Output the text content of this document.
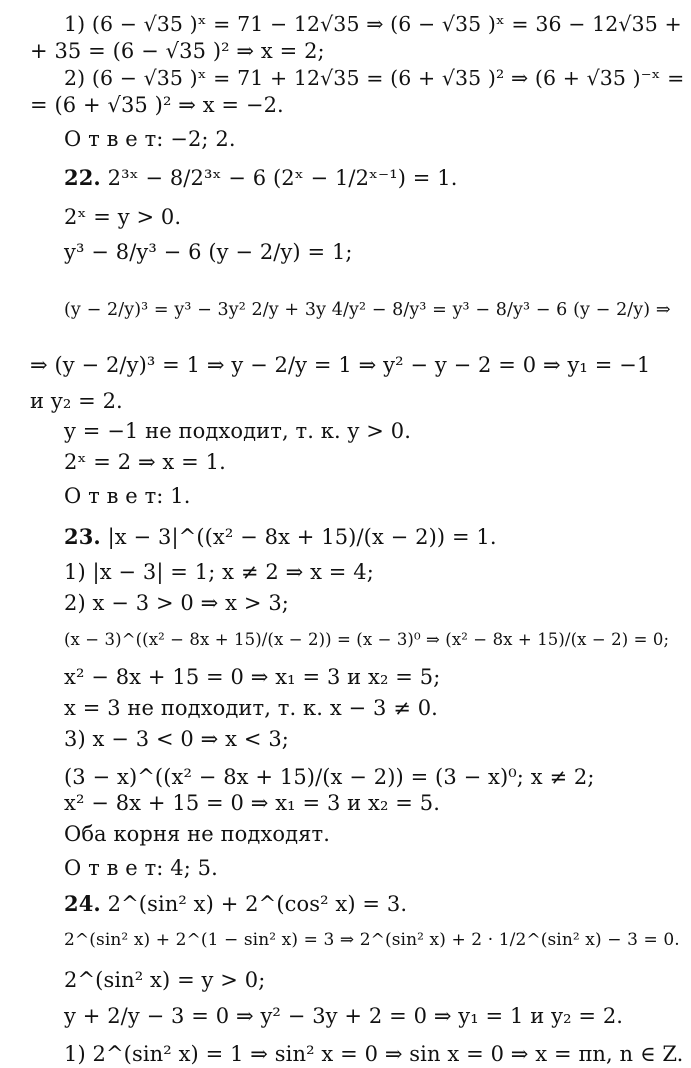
1) (6 − √35 )ˣ = 71 − 12√35 ⇒ (6 − √35 )ˣ = 36 − 12√35 +
+ 35 = (6 − √35 )² ⇒ x = 2;
2) (6 − √35 )ˣ = 71 + 12√35 = (6 + √35 )² ⇒ (6 + √35 )⁻ˣ =
= (6 + √35 )² ⇒ x = −2.
О т в е т: −2; 2.
22. 2³ˣ − 8/2³ˣ − 6 (2ˣ − 1/2ˣ⁻¹) = 1.
2ˣ = y > 0.
y³ − 8/y³ − 6 (y − 2/y) = 1;
(y − 2/y)³ = y³ − 3y² 2/y + 3y 4/y² − 8/y³ = y³ − 8/y³ − 6 (y − 2/y) ⇒
⇒ (y − 2/y)³ = 1 ⇒ y − 2/y = 1 ⇒ y² − y − 2 = 0 ⇒ y₁ = −1
и y₂ = 2.
y = −1 не подходит, т. к. y > 0.
2ˣ = 2 ⇒ x = 1.
О т в е т: 1.
23. |x − 3|^((x² − 8x + 15)/(x − 2)) = 1.
1) |x − 3| = 1; x ≠ 2 ⇒ x = 4;
2) x − 3 > 0 ⇒ x > 3;
(x − 3)^((x² − 8x + 15)/(x − 2)) = (x − 3)⁰ ⇒ (x² − 8x + 15)/(x − 2) = 0;
x² − 8x + 15 = 0 ⇒ x₁ = 3 и x₂ = 5;
x = 3 не подходит, т. к. x − 3 ≠ 0.
3) x − 3 < 0 ⇒ x < 3;
(3 − x)^((x² − 8x + 15)/(x − 2)) = (3 − x)⁰; x ≠ 2;
x² − 8x + 15 = 0 ⇒ x₁ = 3 и x₂ = 5.
Оба корня не подходят.
О т в е т: 4; 5.
24. 2^(sin² x) + 2^(cos² x) = 3.
2^(sin² x) + 2^(1 − sin² x) = 3 ⇒ 2^(sin² x) + 2 · 1/2^(sin² x) − 3 = 0.
2^(sin² x) = y > 0;
y + 2/y − 3 = 0 ⇒ y² − 3y + 2 = 0 ⇒ y₁ = 1 и y₂ = 2.
1) 2^(sin² x) = 1 ⇒ sin² x = 0 ⇒ sin x = 0 ⇒ x = πn, n ∈ Z.
